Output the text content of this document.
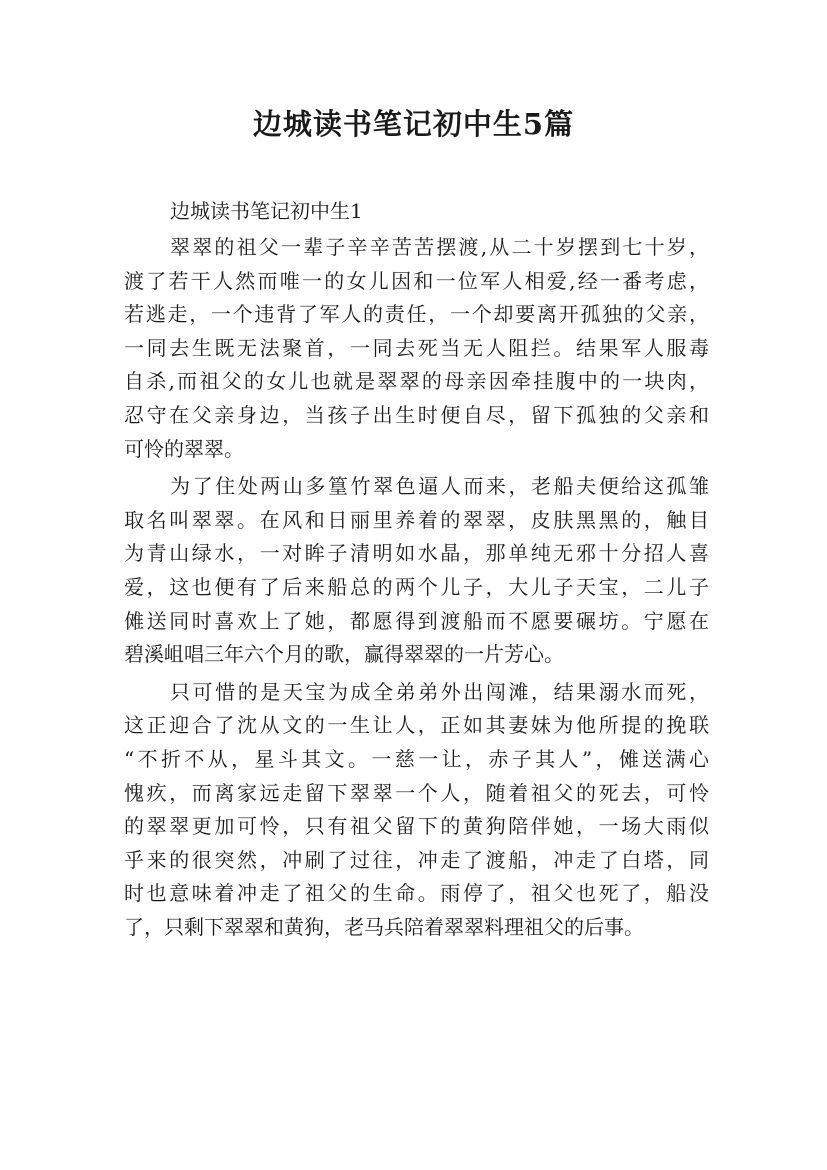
边城读书笔记初中生5篇
边城读书笔记初中生1

翠翠的祖父一辈子辛辛苦苦摆渡,从二十岁摆到七十岁，
渡了若干人然而唯一的女儿因和一位军人相爱,经一番考虑，
若逃走，一个违背了军人的责任，一个却要离开孤独的父亲，
一同去生既无法聚首，一同去死当无人阻拦。结果军人服毒
自杀,而祖父的女儿也就是翠翠的母亲因牵挂腹中的一块肉，
忍守在父亲身边，当孩子出生时便自尽，留下孤独的父亲和
可怜的翠翠。

为了住处两山多篁竹翠色逼人而来，老船夫便给这孤雏
取名叫翠翠。在风和日丽里养着的翠翠，皮肤黑黑的，触目
为青山绿水，一对眸子清明如水晶，那单纯无邪十分招人喜
爱，这也便有了后来船总的两个儿子，大儿子天宝，二儿子
傩送同时喜欢上了她，都愿得到渡船而不愿要碾坊。宁愿在
碧溪岨唱三年六个月的歌，赢得翠翠的一片芳心。

只可惜的是天宝为成全弟弟外出闯滩，结果溺水而死，
这正迎合了沈从文的一生让人，正如其妻妹为他所提的挽联
“不折不从，星斗其文。一慈一让，赤子其人”，傩送满心
愧疚，而离家远走留下翠翠一个人，随着祖父的死去，可怜
的翠翠更加可怜，只有祖父留下的黄狗陪伴她，一场大雨似
乎来的很突然，冲刷了过往，冲走了渡船，冲走了白塔，同
时也意味着冲走了祖父的生命。雨停了，祖父也死了，船没
了，只剩下翠翠和黄狗，老马兵陪着翠翠料理祖父的后事。
